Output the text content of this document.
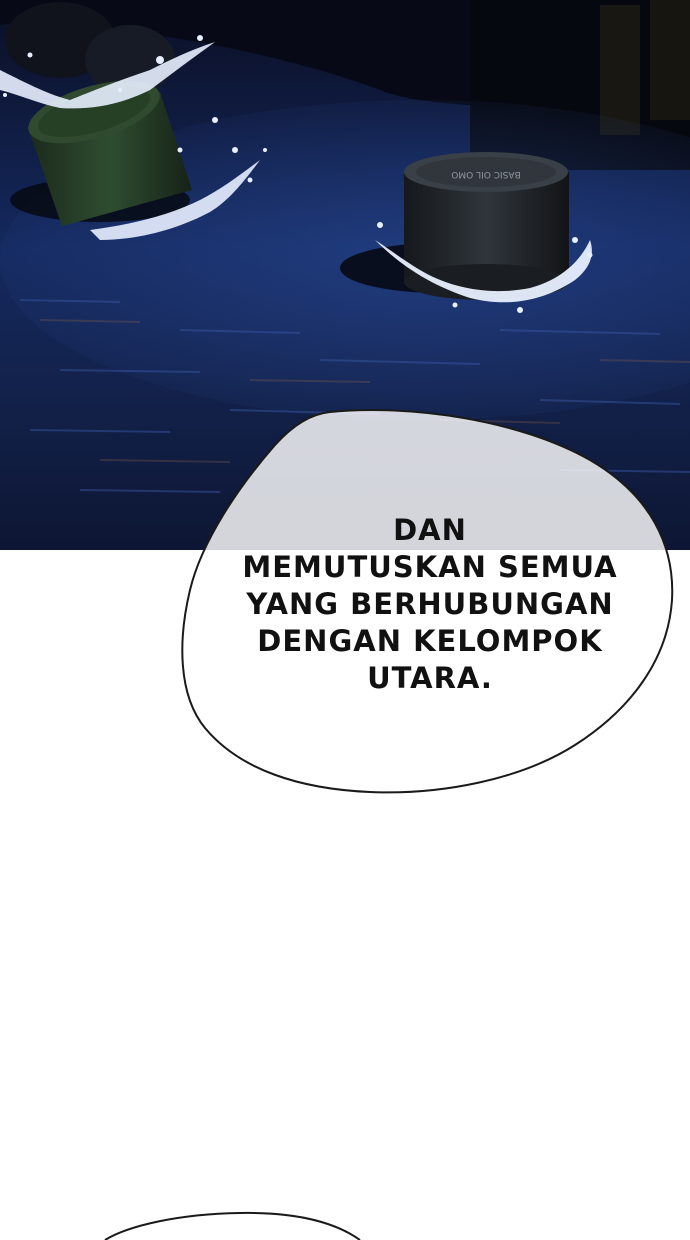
BASIC OIL OMO
DAN
MEMUTUSKAN SEMUA
YANG BERHUBUNGAN
DENGAN KELOMPOK
UTARA.
